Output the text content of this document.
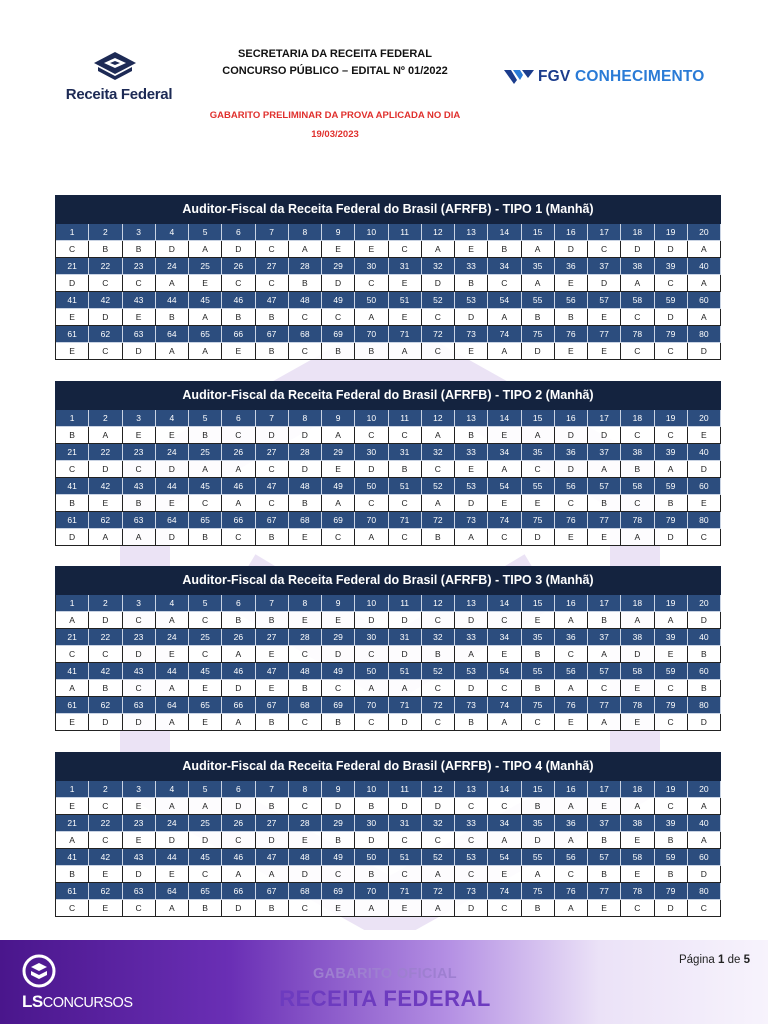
Receita Federal
SECRETARIA DA RECEITA FEDERAL
CONCURSO PÚBLICO – EDITAL Nº 01/2022
GABARITO PRELIMINAR DA PROVA APLICADA NO DIA
19/03/2023
FGV CONHECIMENTO
Auditor-Fiscal da Receita Federal do Brasil (AFRFB) - TIPO 1 (Manhã)
1	2	3	4	5	6	7	8	9	10	11	12	13	14	15	16	17	18	19	20
C	B	B	D	A	D	C	A	E	E	C	A	E	B	A	D	C	D	D	A
21	22	23	24	25	26	27	28	29	30	31	32	33	34	35	36	37	38	39	40
D	C	C	A	E	C	C	B	D	C	E	D	B	C	A	E	D	A	C	A
41	42	43	44	45	46	47	48	49	50	51	52	53	54	55	56	57	58	59	60
E	D	E	B	A	B	B	C	C	A	E	C	D	A	B	B	E	C	D	A
61	62	63	64	65	66	67	68	69	70	71	72	73	74	75	76	77	78	79	80
E	C	D	A	A	E	B	C	B	B	A	C	E	A	D	E	E	C	C	D
Auditor-Fiscal da Receita Federal do Brasil (AFRFB) - TIPO 2 (Manhã)
1	2	3	4	5	6	7	8	9	10	11	12	13	14	15	16	17	18	19	20
B	A	E	E	B	C	D	D	A	C	C	A	B	E	A	D	D	C	C	E
21	22	23	24	25	26	27	28	29	30	31	32	33	34	35	36	37	38	39	40
C	D	C	D	A	A	C	D	E	D	B	C	E	A	C	D	A	B	A	D
41	42	43	44	45	46	47	48	49	50	51	52	53	54	55	56	57	58	59	60
B	E	B	E	C	A	C	B	A	C	C	A	D	E	E	C	B	C	B	E
61	62	63	64	65	66	67	68	69	70	71	72	73	74	75	76	77	78	79	80
D	A	A	D	B	C	B	E	C	A	C	B	A	C	D	E	E	A	D	C
Auditor-Fiscal da Receita Federal do Brasil (AFRFB) - TIPO 3 (Manhã)
1	2	3	4	5	6	7	8	9	10	11	12	13	14	15	16	17	18	19	20
A	D	C	A	C	B	B	E	E	D	D	C	D	C	E	A	B	A	A	D
21	22	23	24	25	26	27	28	29	30	31	32	33	34	35	36	37	38	39	40
C	C	D	E	C	A	E	C	D	C	D	B	A	E	B	C	A	D	E	B
41	42	43	44	45	46	47	48	49	50	51	52	53	54	55	56	57	58	59	60
A	B	C	A	E	D	E	B	C	A	A	C	D	C	B	A	C	E	C	B
61	62	63	64	65	66	67	68	69	70	71	72	73	74	75	76	77	78	79	80
E	D	D	A	E	A	B	C	B	C	D	C	B	A	C	E	A	E	C	D
Auditor-Fiscal da Receita Federal do Brasil (AFRFB) - TIPO 4 (Manhã)
1	2	3	4	5	6	7	8	9	10	11	12	13	14	15	16	17	18	19	20
E	C	E	A	A	D	B	C	D	B	D	D	C	C	B	A	E	A	C	A
21	22	23	24	25	26	27	28	29	30	31	32	33	34	35	36	37	38	39	40
A	C	E	D	D	C	D	E	B	D	C	C	C	A	D	A	B	E	B	A
41	42	43	44	45	46	47	48	49	50	51	52	53	54	55	56	57	58	59	60
B	E	D	E	C	A	A	D	C	B	C	A	C	E	A	C	B	E	B	D
61	62	63	64	65	66	67	68	69	70	71	72	73	74	75	76	77	78	79	80
C	E	C	A	B	D	B	C	E	A	E	A	D	C	B	A	E	C	D	C
LSCONCURSOS
GABARITO OFICIAL
RECEITA FEDERAL
Página 1 de 5
